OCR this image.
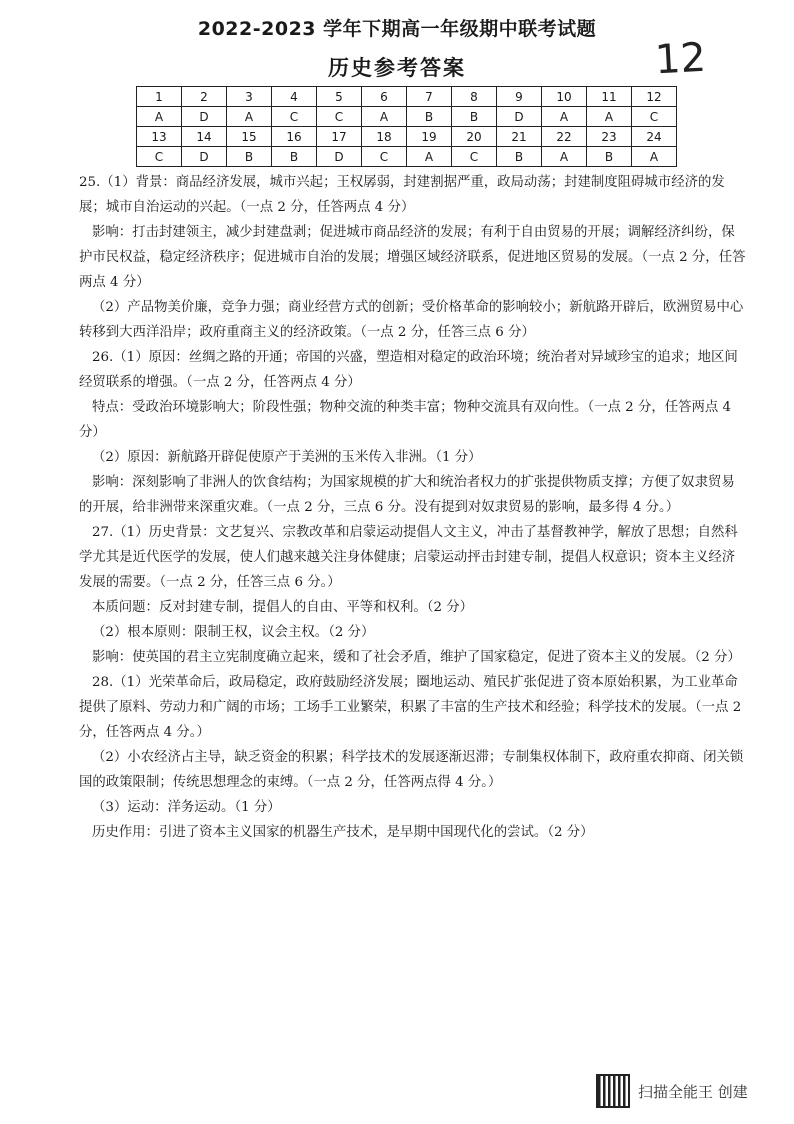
2022-2023 学年下期高一年级期中联考试题
历史参考答案	12
1	2	3	4	5	6	7	8	9	10	11	12
A	D	A	C	C	A	B	B	D	A	A	C
13	14	15	16	17	18	19	20	21	22	23	24
C	D	B	B	D	C	A	C	B	A	B	A

25.（1）背景：商品经济发展，城市兴起；王权孱弱，封建割据严重，政局动荡；封建制度阻碍城市经济的发展；城市自治运动的兴起。（一点 2 分，任答两点 4 分）

影响：打击封建领主，减少封建盘剥；促进城市商品经济的发展；有利于自由贸易的开展；调解经济纠纷，保护市民权益，稳定经济秩序；促进城市自治的发展；增强区域经济联系，促进地区贸易的发展。（一点 2 分，任答两点 4 分）

（2）产品物美价廉，竞争力强；商业经营方式的创新；受价格革命的影响较小；新航路开辟后，欧洲贸易中心转移到大西洋沿岸；政府重商主义的经济政策。（一点 2 分，任答三点 6 分）

26.（1）原因：丝绸之路的开通；帝国的兴盛，塑造相对稳定的政治环境；统治者对异域珍宝的追求；地区间经贸联系的增强。（一点 2 分，任答两点 4 分）

特点：受政治环境影响大；阶段性强；物种交流的种类丰富；物种交流具有双向性。（一点 2 分，任答两点 4 分）

（2）原因：新航路开辟促使原产于美洲的玉米传入非洲。（1 分）

影响：深刻影响了非洲人的饮食结构；为国家规模的扩大和统治者权力的扩张提供物质支撑；方便了奴隶贸易的开展，给非洲带来深重灾难。（一点 2 分，三点 6 分。没有提到对奴隶贸易的影响，最多得 4 分。）

27.（1）历史背景：文艺复兴、宗教改革和启蒙运动提倡人文主义，冲击了基督教神学，解放了思想；自然科学尤其是近代医学的发展，使人们越来越关注身体健康；启蒙运动抨击封建专制，提倡人权意识；资本主义经济发展的需要。（一点 2 分，任答三点 6 分。）

本质问题：反对封建专制，提倡人的自由、平等和权利。（2 分）

（2）根本原则：限制王权，议会主权。（2 分）

影响：使英国的君主立宪制度确立起来，缓和了社会矛盾，维护了国家稳定，促进了资本主义的发展。（2 分）

28.（1）光荣革命后，政局稳定，政府鼓励经济发展；圈地运动、殖民扩张促进了资本原始积累，为工业革命提供了原料、劳动力和广阔的市场；工场手工业繁荣，积累了丰富的生产技术和经验；科学技术的发展。（一点 2 分，任答两点 4 分。）

（2）小农经济占主导，缺乏资金的积累；科学技术的发展逐渐迟滞；专制集权体制下，政府重农抑商、闭关锁国的政策限制；传统思想理念的束缚。（一点 2 分，任答两点得 4 分。）

（3）运动：洋务运动。（1 分）

历史作用：引进了资本主义国家的机器生产技术，是早期中国现代化的尝试。（2 分）

扫描全能王 创建
